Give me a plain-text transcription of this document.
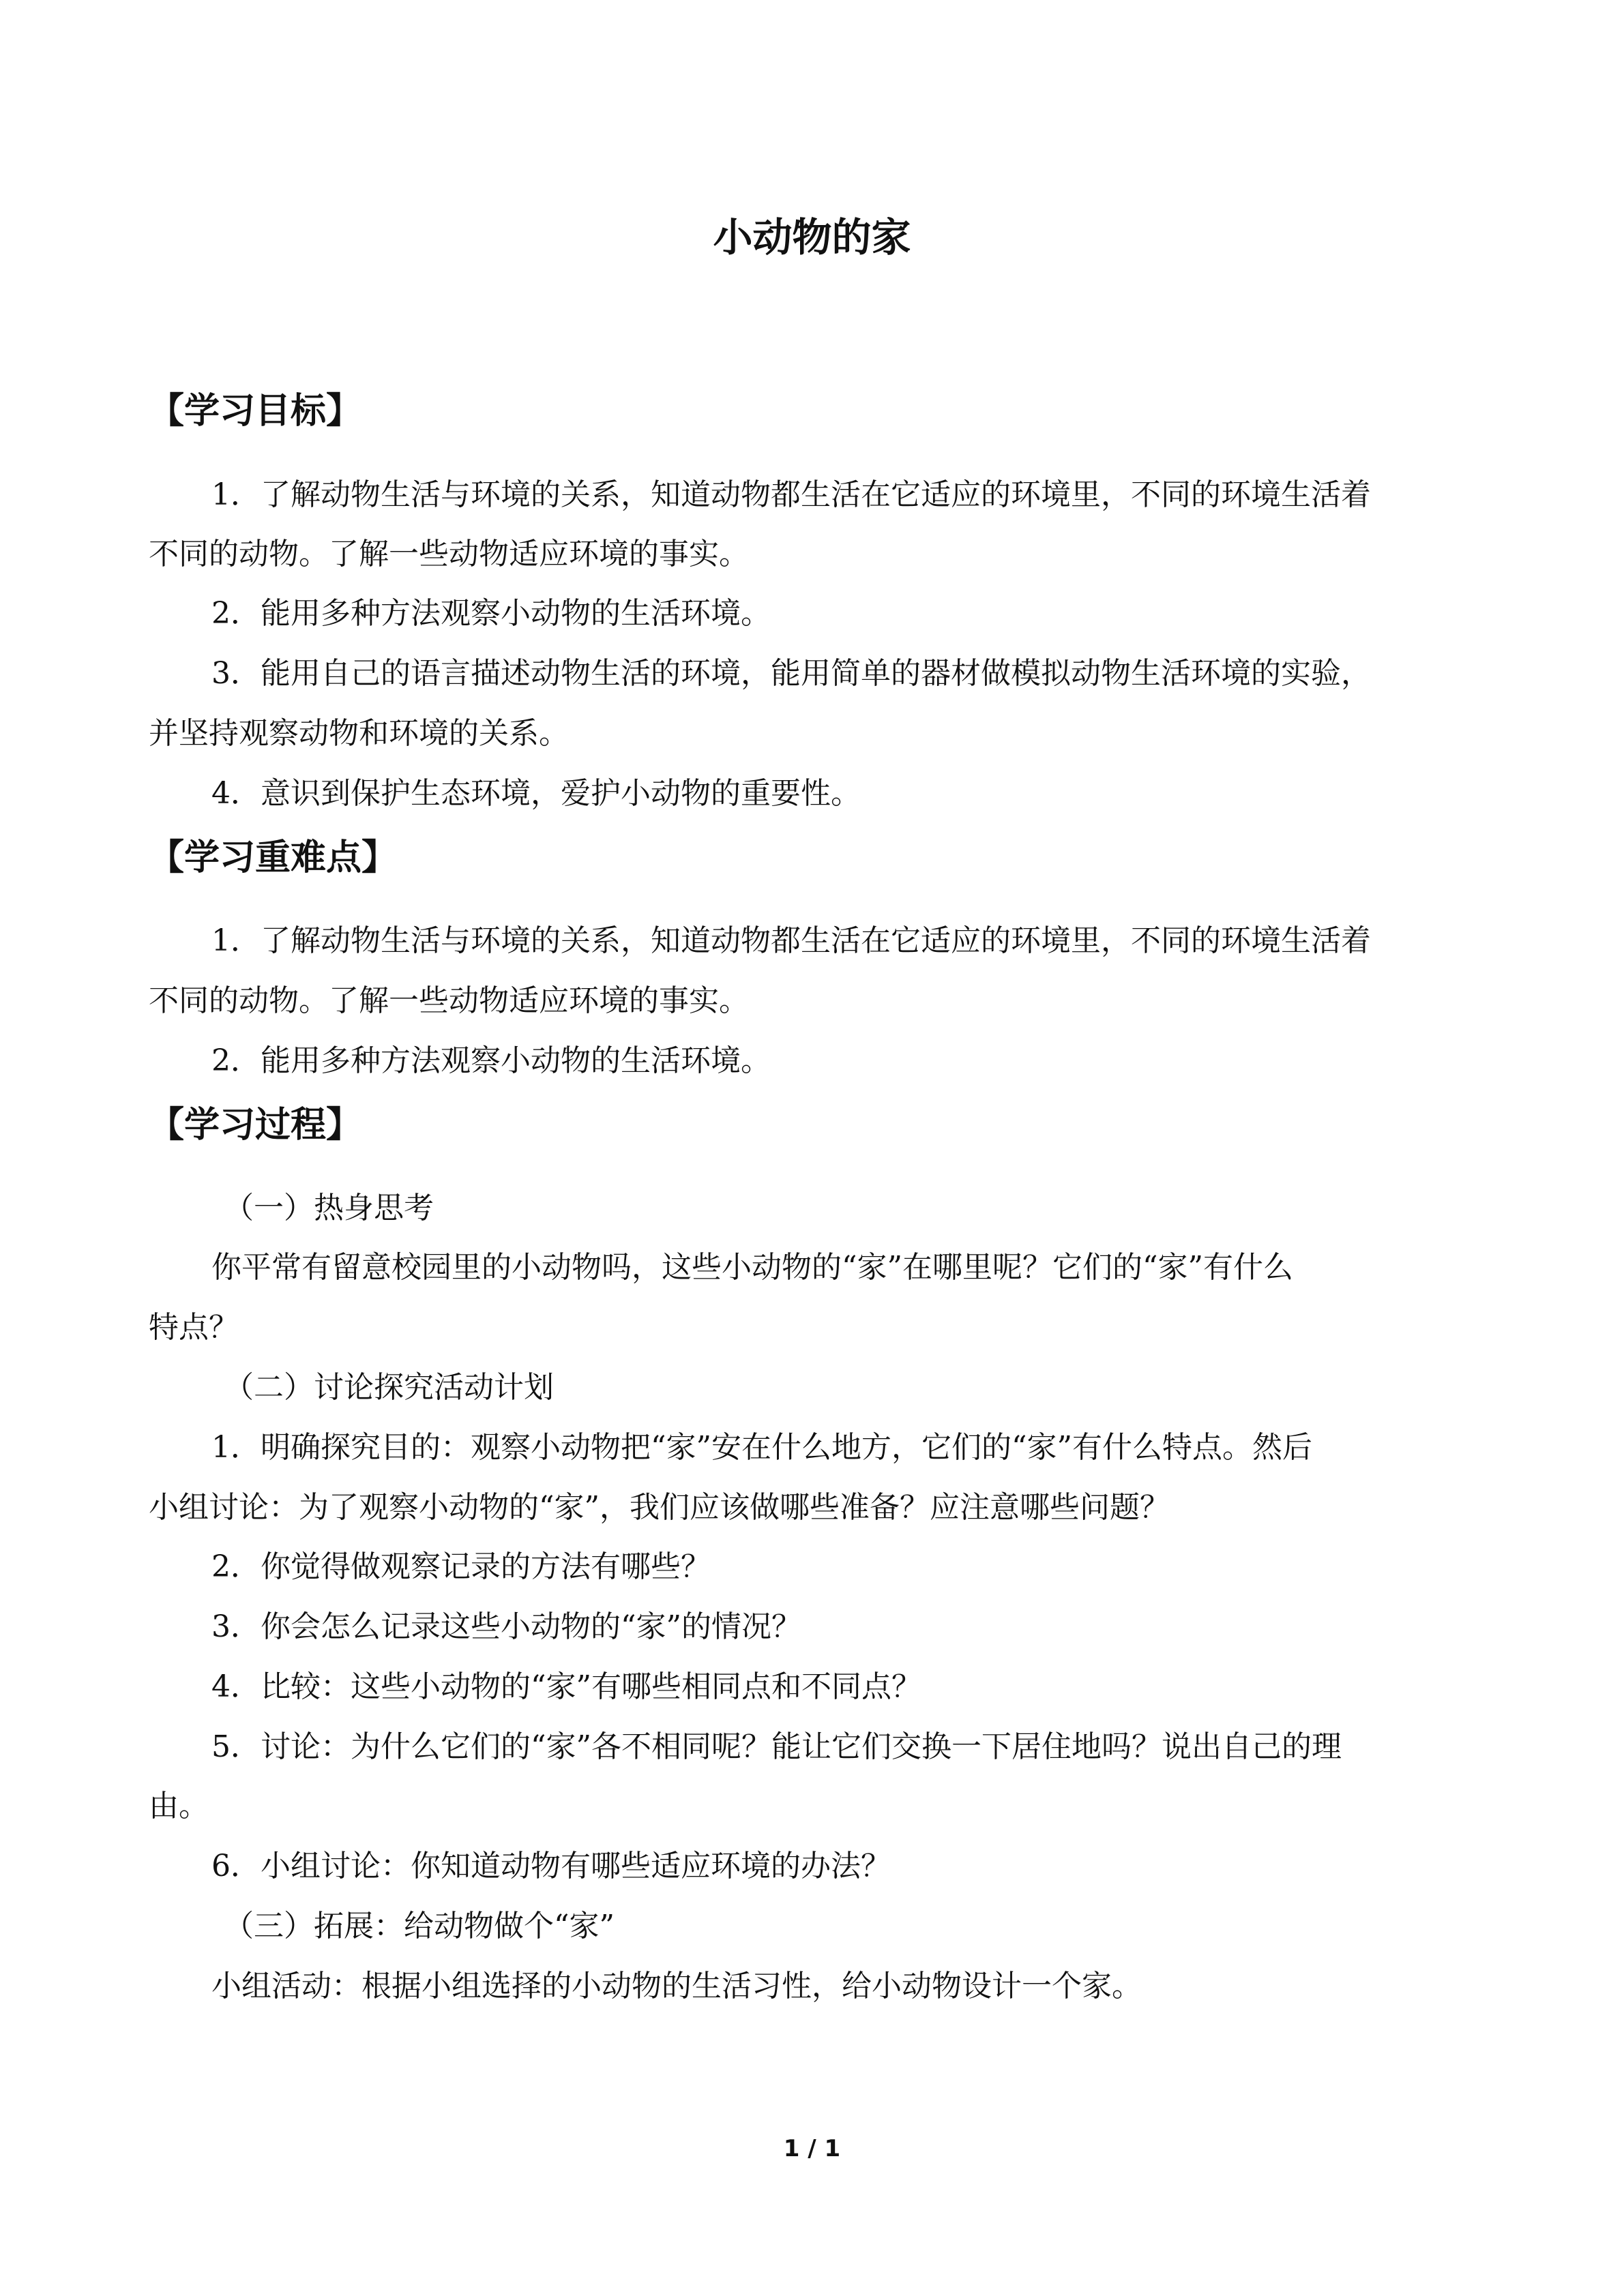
小动物的家
【学习目标】
1．了解动物生活与环境的关系，知道动物都生活在它适应的环境里，不同的环境生活着
不同的动物。了解一些动物适应环境的事实。
2．能用多种方法观察小动物的生活环境。
3．能用自己的语言描述动物生活的环境，能用简单的器材做模拟动物生活环境的实验，
并坚持观察动物和环境的关系。
4．意识到保护生态环境，爱护小动物的重要性。
【学习重难点】
1．了解动物生活与环境的关系，知道动物都生活在它适应的环境里，不同的环境生活着
不同的动物。了解一些动物适应环境的事实。
2．能用多种方法观察小动物的生活环境。
【学习过程】
（一）热身思考
你平常有留意校园里的小动物吗，这些小动物的“家”在哪里呢？它们的“家”有什么
特点？
（二）讨论探究活动计划
1．明确探究目的：观察小动物把“家”安在什么地方，它们的“家”有什么特点。然后
小组讨论：为了观察小动物的“家”，我们应该做哪些准备？应注意哪些问题？
2．你觉得做观察记录的方法有哪些？
3．你会怎么记录这些小动物的“家”的情况？
4．比较：这些小动物的“家”有哪些相同点和不同点？
5．讨论：为什么它们的“家”各不相同呢？能让它们交换一下居住地吗？说出自己的理
由。
6．小组讨论：你知道动物有哪些适应环境的办法？
（三）拓展：给动物做个“家”
小组活动：根据小组选择的小动物的生活习性，给小动物设计一个家。
1 / 1
